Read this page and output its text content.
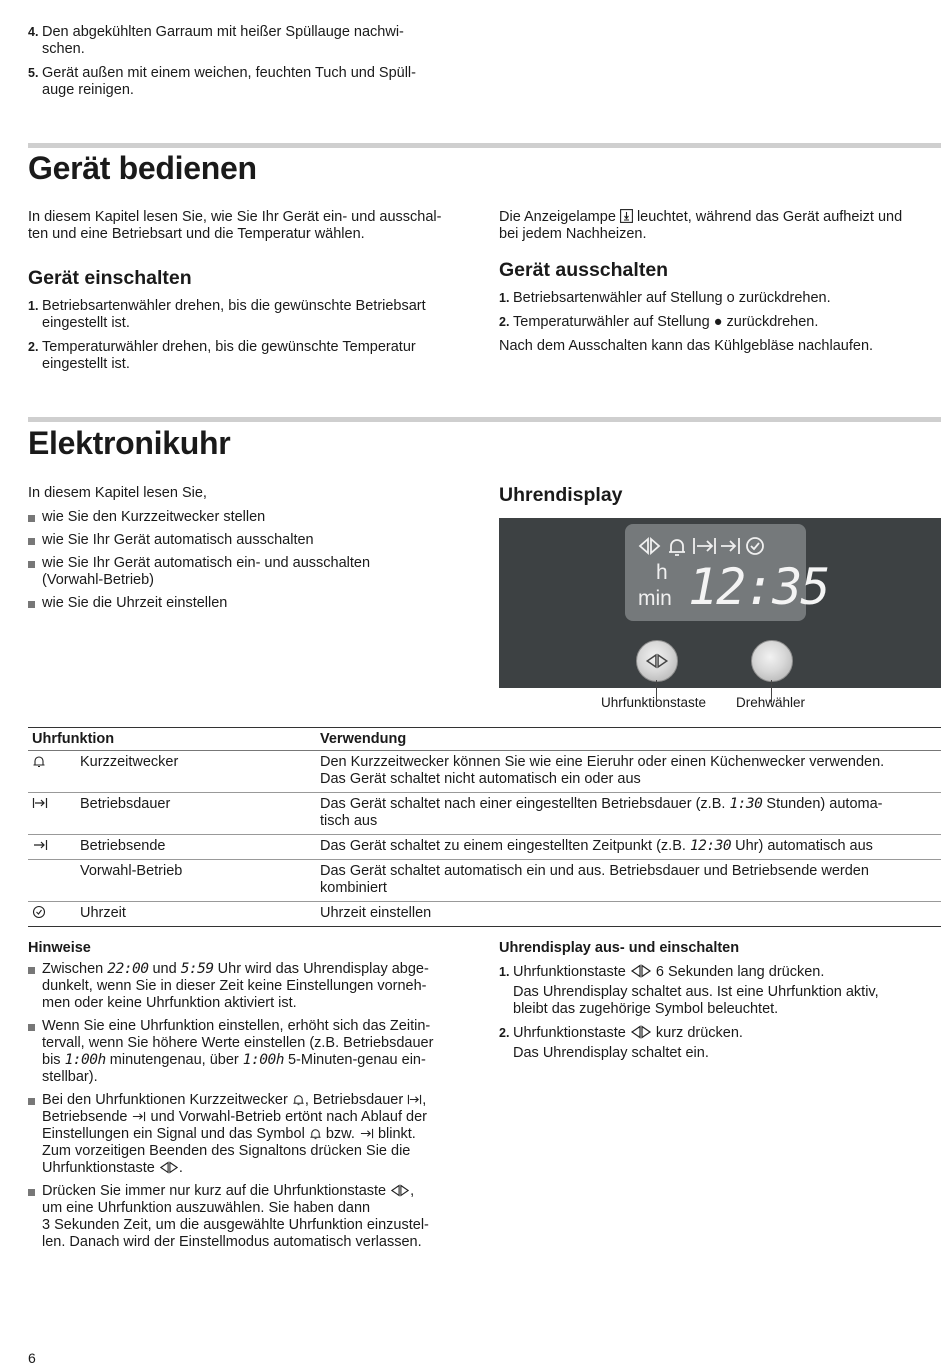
4. Den abgekühlten Garraum mit heißer Spüllauge nachwi-
schen.
5. Gerät außen mit einem weichen, feuchten Tuch und Spüll-
auge reinigen.
Gerät bedienen

In diesem Kapitel lesen Sie, wie Sie Ihr Gerät ein- und ausschal-
ten und eine Betriebsart und die Temperatur wählen.

Gerät einschalten
1. Betriebsartenwähler drehen, bis die gewünschte Betriebsart
eingestellt ist.
2. Temperaturwähler drehen, bis die gewünschte Temperatur
eingestellt ist.

Die Anzeigelampe leuchtet, während das Gerät aufheizt und
bei jedem Nachheizen.

Gerät ausschalten
1. Betriebsartenwähler auf Stellung o zurückdrehen.
2. Temperaturwähler auf Stellung ● zurückdrehen.

Nach dem Ausschalten kann das Kühlgebläse nachlaufen.

Elektronikuhr

In diesem Kapitel lesen Sie,

wie Sie den Kurzzeitwecker stellen
wie Sie Ihr Gerät automatisch ausschalten
wie Sie Ihr Gerät automatisch ein- und ausschalten
(Vorwahl-Betrieb)
wie Sie die Uhrzeit einstellen
Uhrendisplay
h
min 12:35
Uhrfunktionstaste Drehwähler
Uhrfunktion		Verwendung
	Kurzzeitwecker	Den Kurzzeitwecker können Sie wie eine Eieruhr oder einen Küchenwecker verwenden.
Das Gerät schaltet nicht automatisch ein oder aus
	Betriebsdauer	Das Gerät schaltet nach einer eingestellten Betriebsdauer (z.B. 1:30 Stunden) automa-
tisch aus
	Betriebsende	Das Gerät schaltet zu einem eingestellten Zeitpunkt (z.B. 12:30 Uhr) automatisch aus
	Vorwahl-Betrieb	Das Gerät schaltet automatisch ein und aus. Betriebsdauer und Betriebsende werden
kombiniert
	Uhrzeit	Uhrzeit einstellen
Hinweise
Zwischen 22:00 und 5:59 Uhr wird das Uhrendisplay abge-
dunkelt, wenn Sie in dieser Zeit keine Einstellungen vorneh-
men oder keine Uhrfunktion aktiviert ist.
Wenn Sie eine Uhrfunktion einstellen, erhöht sich das Zeitin-
tervall, wenn Sie höhere Werte einstellen (z.B. Betriebsdauer
bis 1:00h minutengenau, über 1:00h 5-Minuten-genau ein-
stellbar).
Bei den Uhrfunktionen Kurzzeitwecker , Betriebsdauer ,
Betriebsende und Vorwahl-Betrieb ertönt nach Ablauf der
Einstellungen ein Signal und das Symbol bzw. blinkt.
Zum vorzeitigen Beenden des Signaltons drücken Sie die
Uhrfunktionstaste .
Drücken Sie immer nur kurz auf die Uhrfunktionstaste ,
um eine Uhrfunktion auszuwählen. Sie haben dann
3 Sekunden Zeit, um die ausgewählte Uhrfunktion einzustel-
len. Danach wird der Einstellmodus automatisch verlassen.
Uhrendisplay aus- und einschalten
1. Uhrfunktionstaste 6 Sekunden lang drücken.
Das Uhrendisplay schaltet aus. Ist eine Uhrfunktion aktiv,
bleibt das zugehörige Symbol beleuchtet.
2. Uhrfunktionstaste kurz drücken.
Das Uhrendisplay schaltet ein.
6
